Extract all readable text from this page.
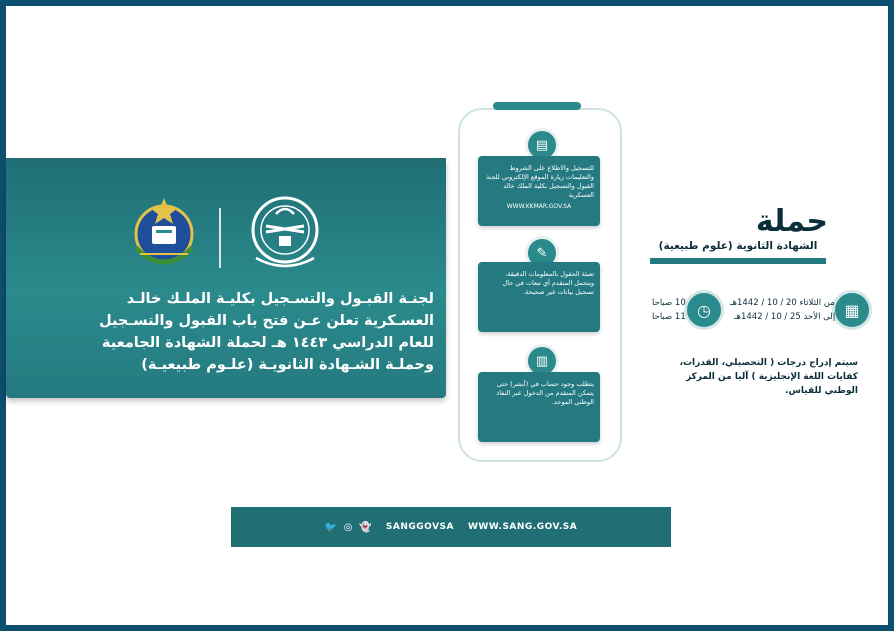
لجنـة القبـول والتسـجيل بكليـة الملـك خالـد
العسـكرية تعلن عـن فتح باب القبول والتسـجيل
للعام الدراسي ١٤٤٣ هـ لحملة الشهادة الجامعية
وحملـة الشـهادة الثانويـة (علـوم طبيعيـة)
▤
للتسجيل والاطلاع على الشروط والتعليمات زيارة الموقع الإلكتروني للجنة القبول والتسجيل بكلية الملك خالد العسكرية
WWW.KKMAR.GOV.SA
✎
تعبئة الحقول بالمعلومات الدقيقة، ويتحمل المتقدم أي تبعات في حال تسجيل بيانات غير صحيحة.
▥
يتطلب وجود حساب في (أبشر) حتى يتمكن المتقدم من الدخول عبر النفاذ الوطني الموحد.
حملة
الشهادة الثانوية (علوم طبيعية)
▦
من الثلاثاء 20 / 10 / 1442هـ
إلى الأحد 25 / 10 / 1442هـ
◷
10 صباحا
11 صباحا
سيتم إدراج درجات ( التحصيلي، القدرات، كفايات اللغة الإنجليزية ) آليا من المركز الوطني للقياس.
🐦 ◎ 👻 SANGGOVSA WWW.SANG.GOV.SA
